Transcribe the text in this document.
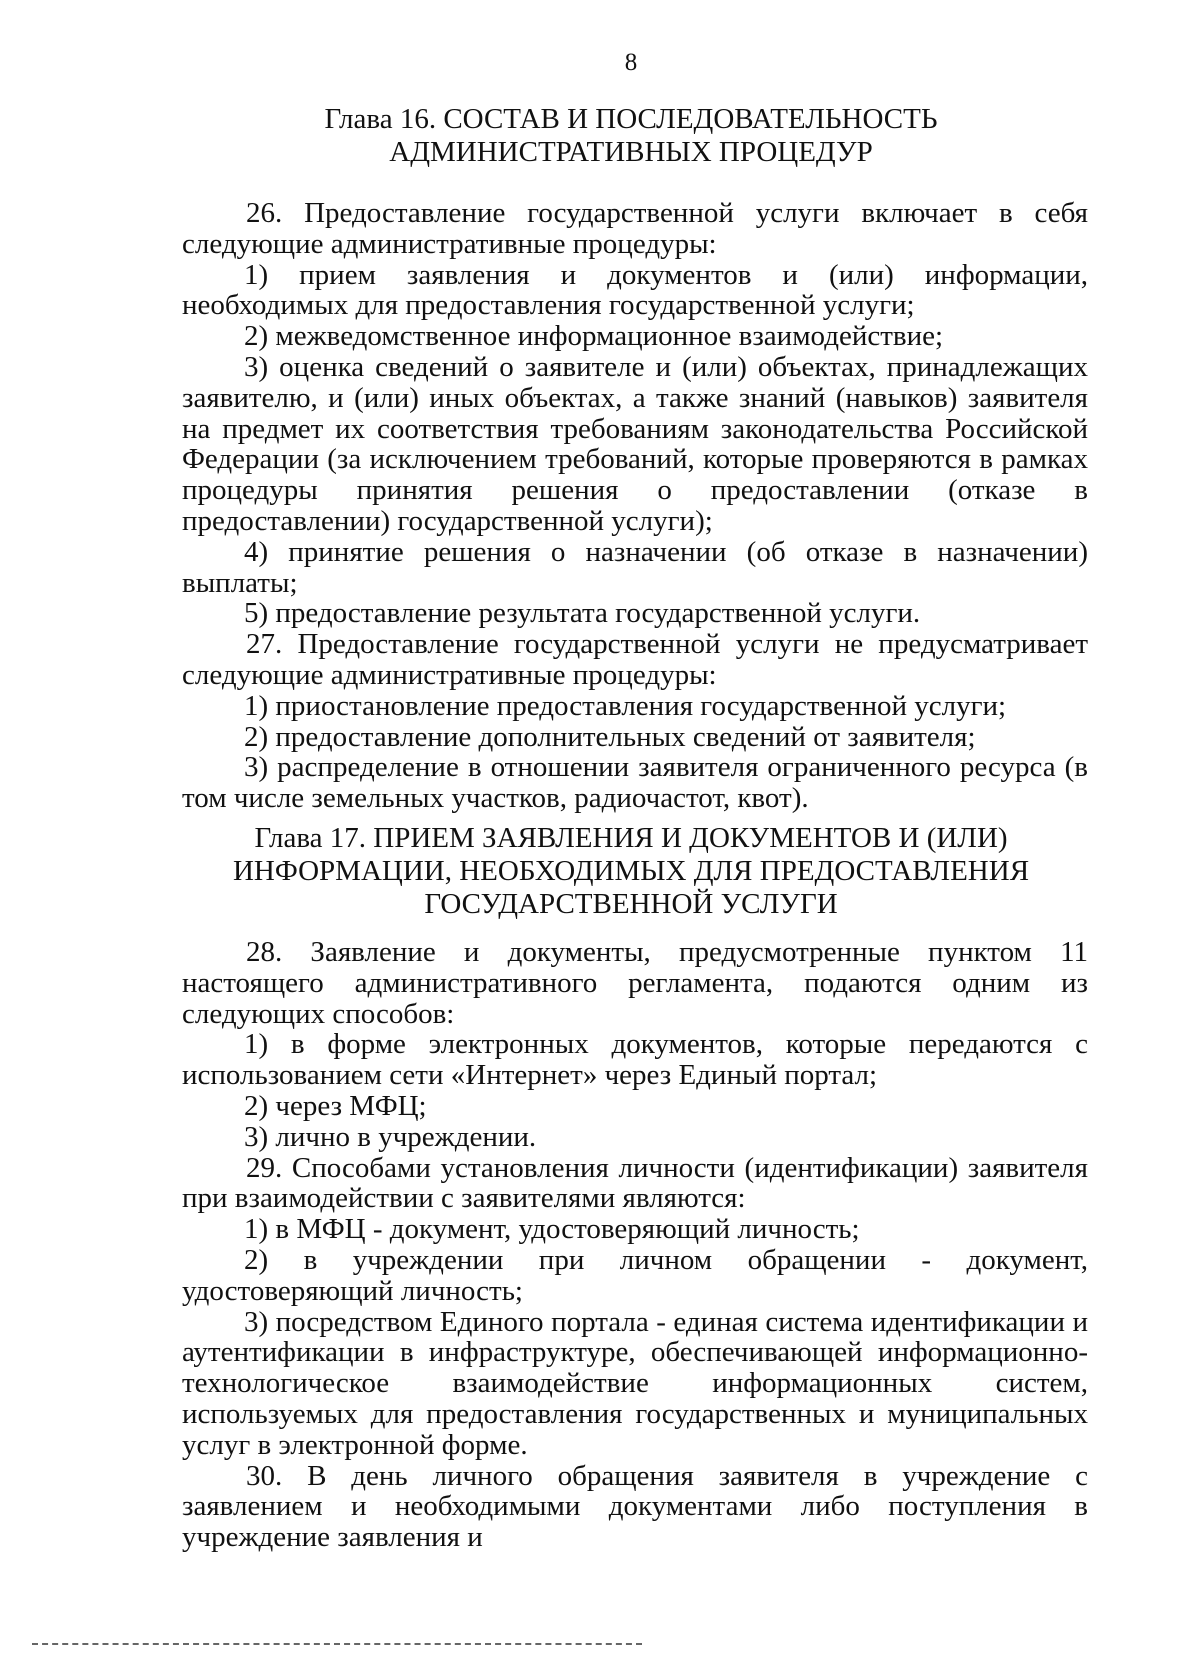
8
Глава 16. СОСТАВ И ПОСЛЕДОВАТЕЛЬНОСТЬ
АДМИНИСТРАТИВНЫХ ПРОЦЕДУР

26. Предоставление государственной услуги включает в себя следующие административные процедуры:

1) прием заявления и документов и (или) информации, необходимых для предоставления государственной услуги;

2) межведомственное информационное взаимодействие;

3) оценка сведений о заявителе и (или) объектах, принадлежащих заявителю, и (или) иных объектах, а также знаний (навыков) заявителя на предмет их соответствия требованиям законодательства Российской Федерации (за исключением требований, которые проверяются в рамках процедуры принятия решения о предоставлении (отказе в предоставлении) государственной услуги);

4) принятие решения о назначении (об отказе в назначении) выплаты;

5) предоставление результата государственной услуги.

27. Предоставление государственной услуги не предусматривает следующие административные процедуры:

1) приостановление предоставления государственной услуги;

2) предоставление дополнительных сведений от заявителя;

3) распределение в отношении заявителя ограниченного ресурса (в том числе земельных участков, радиочастот, квот).

Глава 17. ПРИЕМ ЗАЯВЛЕНИЯ И ДОКУМЕНТОВ И (ИЛИ)
ИНФОРМАЦИИ, НЕОБХОДИМЫХ ДЛЯ ПРЕДОСТАВЛЕНИЯ
ГОСУДАРСТВЕННОЙ УСЛУГИ

28. Заявление и документы, предусмотренные пунктом 11 настоящего административного регламента, подаются одним из следующих способов:

1) в форме электронных документов, которые передаются с использованием сети «Интернет» через Единый портал;

2) через МФЦ;

3) лично в учреждении.

29. Способами установления личности (идентификации) заявителя при взаимодействии с заявителями являются:

1) в МФЦ - документ, удостоверяющий личность;

2) в учреждении при личном обращении - документ, удостоверяющий личность;

3) посредством Единого портала - единая система идентификации и аутентификации в инфраструктуре, обеспечивающей информационно-технологическое взаимодействие информационных систем, используемых для предоставления государственных и муниципальных услуг в электронной форме.

30. В день личного обращения заявителя в учреждение с заявлением и необходимыми документами либо поступления в учреждение заявления и
